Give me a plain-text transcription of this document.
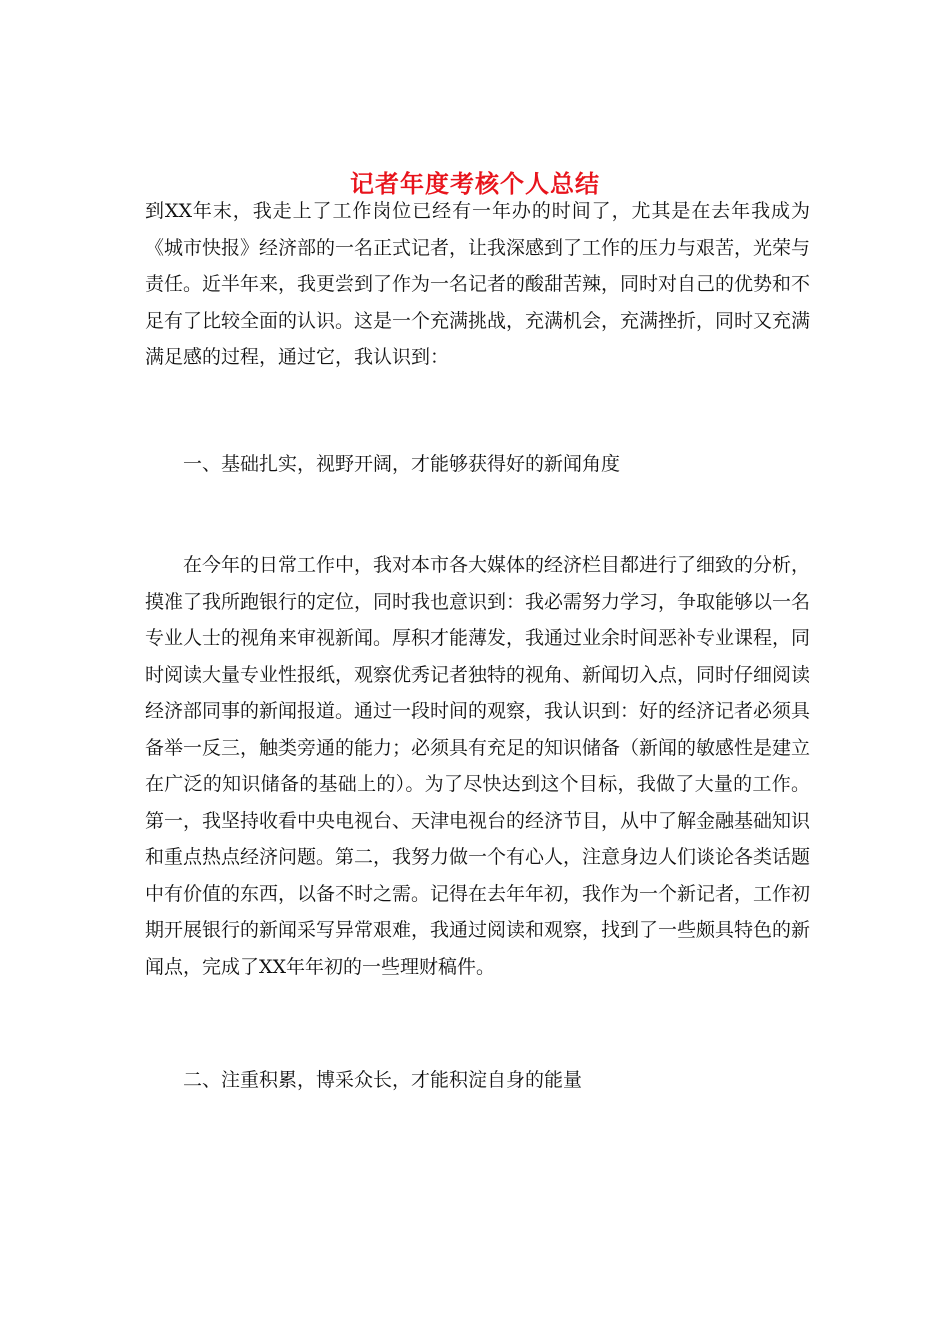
记者年度考核个人总结

到XX年末，我走上了工作岗位已经有一年办的时间了，尤其是在去年我成为《城市快报》经济部的一名正式记者，让我深感到了工作的压力与艰苦，光荣与责任。近半年来，我更尝到了作为一名记者的酸甜苦辣，同时对自己的优势和不足有了比较全面的认识。这是一个充满挑战，充满机会，充满挫折，同时又充满满足感的过程，通过它，我认识到：

一、基础扎实，视野开阔，才能够获得好的新闻角度

在今年的日常工作中，我对本市各大媒体的经济栏目都进行了细致的分析，摸准了我所跑银行的定位，同时我也意识到：我必需努力学习，争取能够以一名专业人士的视角来审视新闻。厚积才能薄发，我通过业余时间恶补专业课程，同时阅读大量专业性报纸，观察优秀记者独特的视角、新闻切入点，同时仔细阅读经济部同事的新闻报道。通过一段时间的观察，我认识到：好的经济记者必须具备举一反三，触类旁通的能力；必须具有充足的知识储备（新闻的敏感性是建立在广泛的知识储备的基础上的）。为了尽快达到这个目标，我做了大量的工作。第一，我坚持收看中央电视台、天津电视台的经济节目，从中了解金融基础知识和重点热点经济问题。第二，我努力做一个有心人，注意身边人们谈论各类话题中有价值的东西，以备不时之需。记得在去年年初，我作为一个新记者，工作初期开展银行的新闻采写异常艰难，我通过阅读和观察，找到了一些颇具特色的新闻点，完成了XX年年初的一些理财稿件。

二、注重积累，博采众长，才能积淀自身的能量
